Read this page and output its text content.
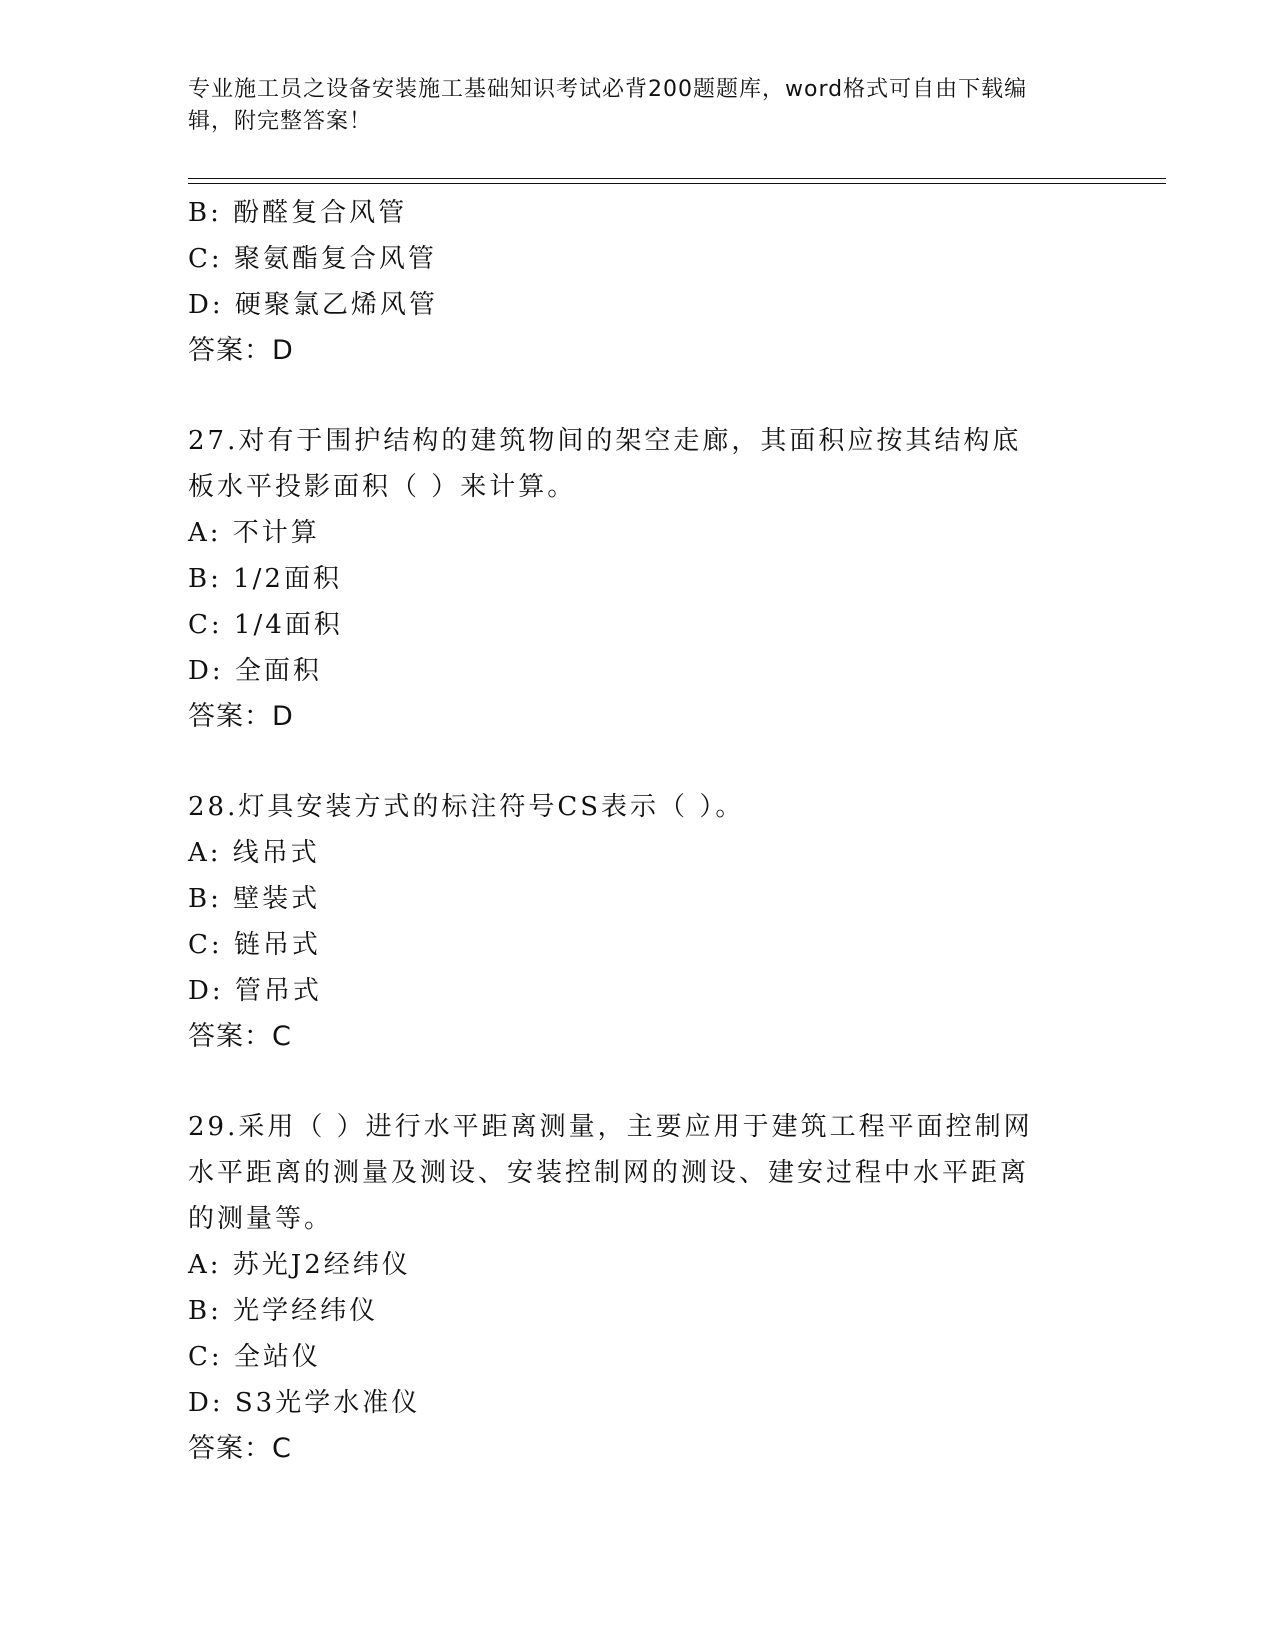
专业施工员之设备安装施工基础知识考试必背200题题库，word格式可自由下载编辑，附完整答案！

B: 酚醛复合风管

C: 聚氨酯复合风管

D: 硬聚氯乙烯风管

答案：D

27.对有于围护结构的建筑物间的架空走廊，其面积应按其结构底板水平投影面积（ ）来计算。

A: 不计算

B: 1/2面积

C: 1/4面积

D: 全面积

答案：D

28.灯具安装方式的标注符号CS表示（ ）。

A: 线吊式

B: 壁装式

C: 链吊式

D: 管吊式

答案：C

29.采用（ ）进行水平距离测量，主要应用于建筑工程平面控制网水平距离的测量及测设、安装控制网的测设、建安过程中水平距离的测量等。

A: 苏光J2经纬仪

B: 光学经纬仪

C: 全站仪

D: S3光学水准仪

答案：C
